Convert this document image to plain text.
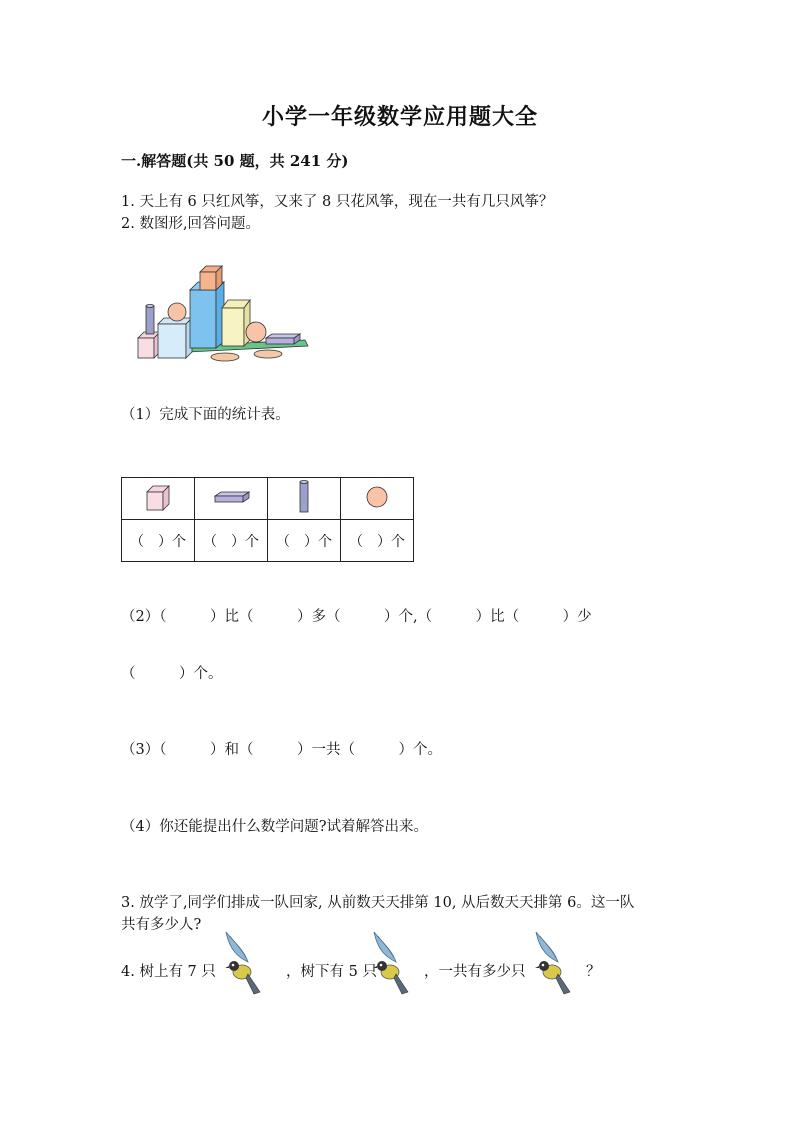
小学一年级数学应用题大全
一.解答题(共 50 题，共 241 分)
1. 天上有 6 只红风筝，又来了 8 只花风筝，现在一共有几只风筝？
2. 数图形,回答问题。
（1）完成下面的统计表。

（　）个	（　）个	（　）个	（　）个
（2）（　　　）比（　　　）多（　　　）个,（　　　）比（　　　）少
（　　　）个。
（3）（　　　）和（　　　）一共（　　　）个。
（4）你还能提出什么数学问题?试着解答出来。
3. 放学了,同学们排成一队回家, 从前数天天排第 10, 从后数天天排第 6。这一队
共有多少人?
4. 树上有 7 只	，树下有 5 只	，一共有多少只	？
